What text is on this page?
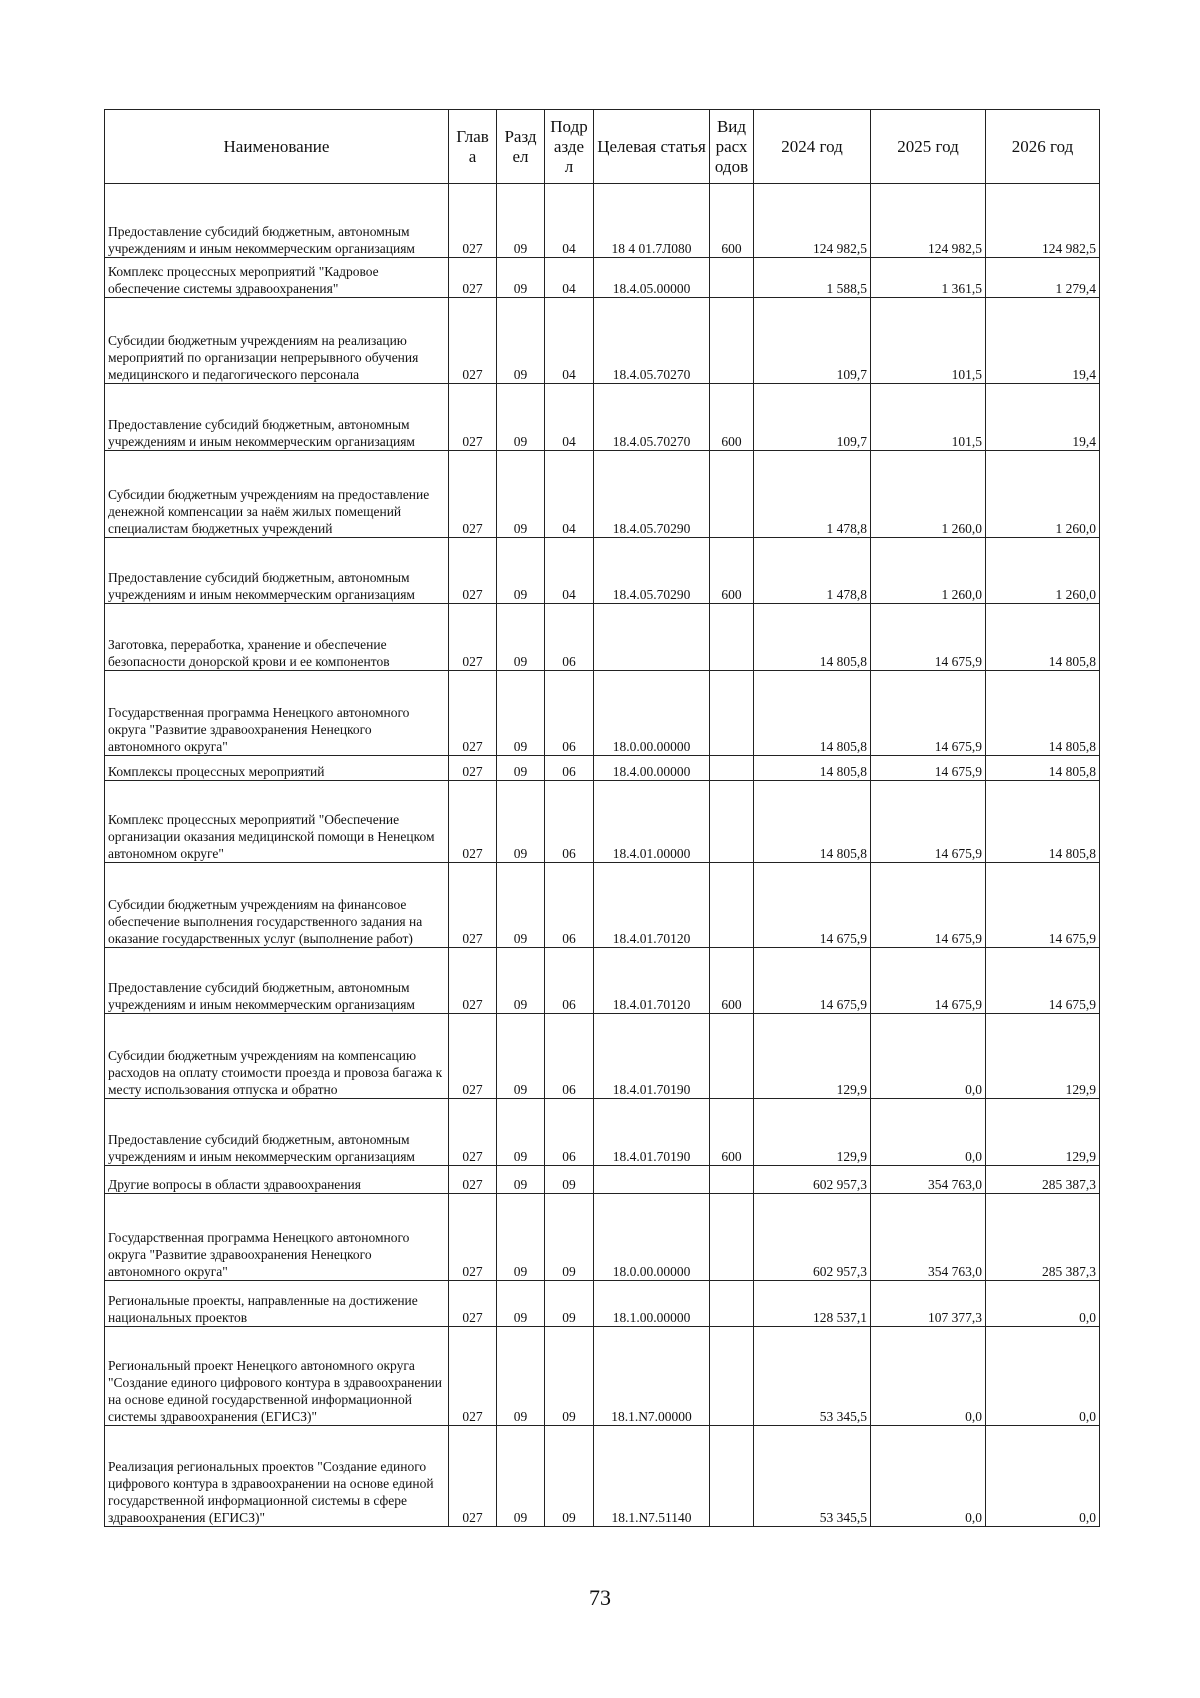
Наименование	Глав а	Разд ел	Подр азде л	Целевая статья	Вид расх одов	2024 год	2025 год	2026 год
Предоставление субсидий бюджетным, автономным учреждениям и иным некоммерческим организациям	027	09	04	18 4 01.7Л080	600	124 982,5	124 982,5	124 982,5
Комплекс процессных мероприятий "Кадровое обеспечение системы здравоохранения"	027	09	04	18.4.05.00000		1 588,5	1 361,5	1 279,4
Субсидии бюджетным учреждениям на реализацию мероприятий по организации непрерывного обучения медицинского и педагогического персонала	027	09	04	18.4.05.70270		109,7	101,5	19,4
Предоставление субсидий бюджетным, автономным учреждениям и иным некоммерческим организациям	027	09	04	18.4.05.70270	600	109,7	101,5	19,4
Субсидии бюджетным учреждениям на предоставление денежной компенсации за наём жилых помещений специалистам бюджетных учреждений	027	09	04	18.4.05.70290		1 478,8	1 260,0	1 260,0
Предоставление субсидий бюджетным, автономным учреждениям и иным некоммерческим организациям	027	09	04	18.4.05.70290	600	1 478,8	1 260,0	1 260,0
Заготовка, переработка, хранение и обеспечение безопасности донорской крови и ее компонентов	027	09	06			14 805,8	14 675,9	14 805,8
Государственная программа Ненецкого автономного округа "Развитие здравоохранения Ненецкого автономного округа"	027	09	06	18.0.00.00000		14 805,8	14 675,9	14 805,8
Комплексы процессных мероприятий	027	09	06	18.4.00.00000		14 805,8	14 675,9	14 805,8
Комплекс процессных мероприятий "Обеспечение организации оказания медицинской помощи в Ненецком автономном округе"	027	09	06	18.4.01.00000		14 805,8	14 675,9	14 805,8
Субсидии бюджетным учреждениям на финансовое обеспечение выполнения государственного задания на оказание государственных услуг (выполнение работ)	027	09	06	18.4.01.70120		14 675,9	14 675,9	14 675,9
Предоставление субсидий бюджетным, автономным учреждениям и иным некоммерческим организациям	027	09	06	18.4.01.70120	600	14 675,9	14 675,9	14 675,9
Субсидии бюджетным учреждениям на компенсацию расходов на оплату стоимости проезда и провоза багажа к месту использования отпуска и обратно	027	09	06	18.4.01.70190		129,9	0,0	129,9
Предоставление субсидий бюджетным, автономным учреждениям и иным некоммерческим организациям	027	09	06	18.4.01.70190	600	129,9	0,0	129,9
Другие вопросы в области здравоохранения	027	09	09			602 957,3	354 763,0	285 387,3
Государственная программа Ненецкого автономного округа "Развитие здравоохранения Ненецкого автономного округа"	027	09	09	18.0.00.00000		602 957,3	354 763,0	285 387,3
Региональные проекты, направленные на достижение национальных проектов	027	09	09	18.1.00.00000		128 537,1	107 377,3	0,0
Региональный проект Ненецкого автономного округа "Создание единого цифрового контура в здравоохранении на основе единой государственной информационной системы здравоохранения (ЕГИСЗ)"	027	09	09	18.1.N7.00000		53 345,5	0,0	0,0
Реализация региональных проектов "Создание единого цифрового контура в здравоохранении на основе единой государственной информационной системы в сфере здравоохранения (ЕГИСЗ)"	027	09	09	18.1.N7.51140		53 345,5	0,0	0,0
73
